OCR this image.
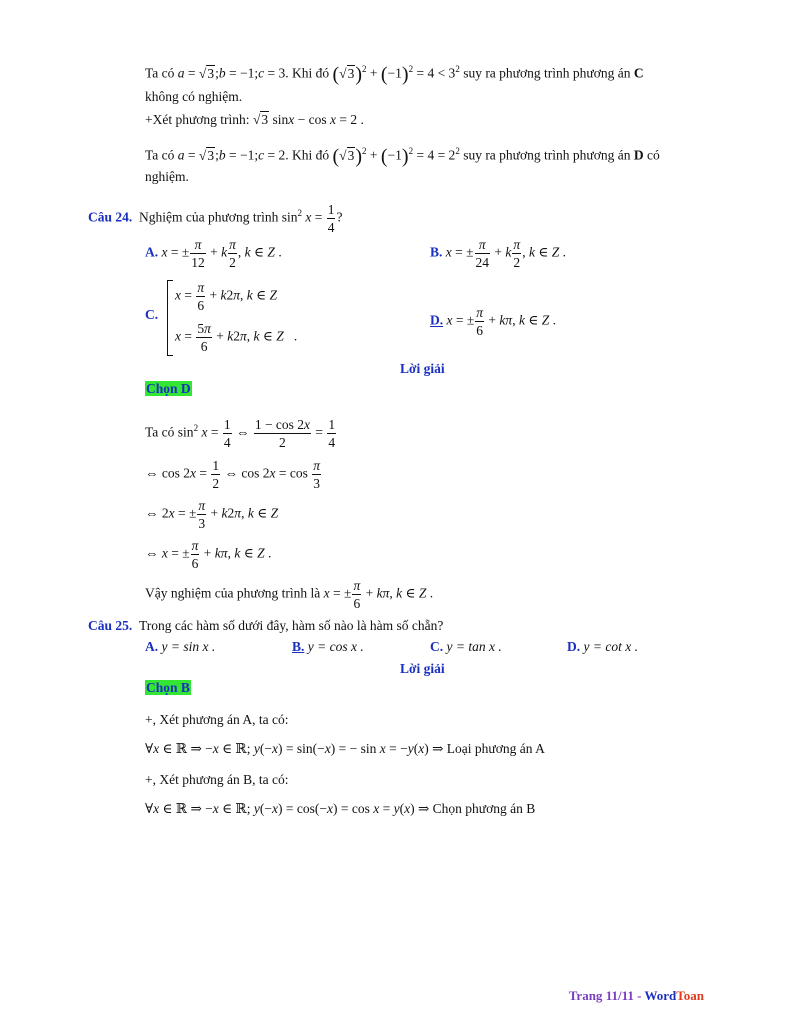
Ta có a = √3;b = −1;c = 3. Khi đó $(√3)^2 + (-1)^2 = 4 < 3^2$ suy ra phương trình phương án C
không có nghiệm.
+Xét phương trình: √3 sinx − cos x = 2 .
Ta có a = √3;b = −1;c = 2. Khi đó $(√3)^2 + (-1)^2 = 4 = 2^2$ suy ra phương trình phương án D có
nghiệm.
Câu 24. Nghiệm của phương trình $\sin^2 x = \frac{1}{4}$ ?
A. x = ± $\frac{\pi}{12} + k \frac{\pi}{2}$ , k ∈ Z .	B. x = ± $\frac{\pi}{24} + k \frac{\pi}{2}$ , k ∈ Z .
C.
$x = \frac{\pi}{6} + k2\pi$, k ∈ Z
$x = \frac{5\pi}{6} + k2\pi$, k ∈ Z   .
D. x = ± $\frac{\pi}{6} + k\pi$, k ∈ Z .
Lời giải
Chọn D
Ta có $\sin^2 x = \frac{1}{4}$ ⇔ $\frac{1 - \cos 2x}{2} = \frac{1}{4}$
⇔ $\cos 2x = \frac{1}{2}$ ⇔ $\cos 2x = \cos \frac{\pi}{3}$
⇔ 2x = ± $\frac{\pi}{3} + k2\pi$, k ∈ Z
⇔ x = ± $\frac{\pi}{6} + k\pi$, k ∈ Z .
Vậy nghiệm của phương trình là x = ± $\frac{\pi}{6} + k\pi$, k ∈ Z .
Câu 25. Trong các hàm số dưới đây, hàm số nào là hàm số chẵn?
A. y = sin x .	B. y = cos x .	C. y = tan x .	D. y = cot x .
Lời giải
Chọn B
+, Xét phương án A, ta có:
∀x ∈ ℝ ⇒ −x ∈ ℝ; y(−x) = sin(−x) = − sin x = −y(x) ⇒ Loại phương án A
+, Xét phương án B, ta có:
∀x ∈ ℝ ⇒ −x ∈ ℝ; y(−x) = cos(−x) = cos x = y(x) ⇒ Chọn phương án B
Trang 11/11 - WordToan
